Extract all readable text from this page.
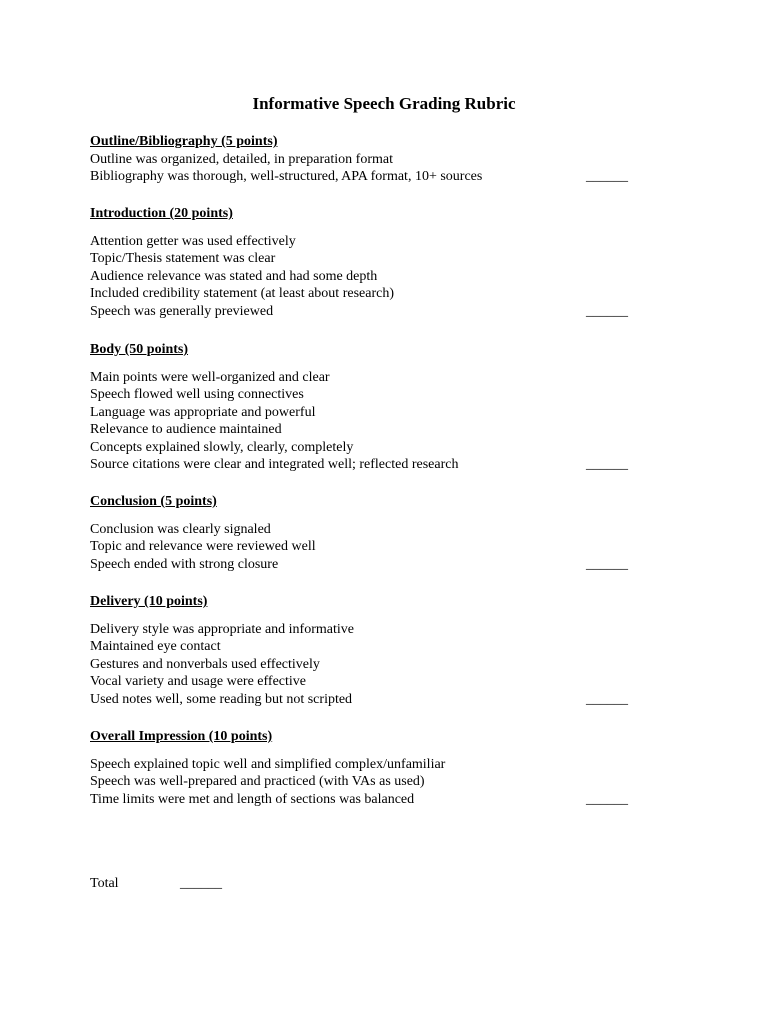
Informative Speech Grading Rubric
Outline/Bibliography (5 points)
Outline was organized, detailed, in preparation format
Bibliography was thorough, well-structured, APA format, 10+ sources	______
Introduction (20 points)
Attention getter was used effectively
Topic/Thesis statement was clear
Audience relevance was stated and had some depth
Included credibility statement (at least about research)
Speech was generally previewed	______
Body (50 points)
Main points were well-organized and clear
Speech flowed well using connectives
Language was appropriate and powerful
Relevance to audience maintained
Concepts explained slowly, clearly, completely
Source citations were clear and integrated well; reflected research	______
Conclusion (5 points)
Conclusion was clearly signaled
Topic and relevance were reviewed well
Speech ended with strong closure	______
Delivery (10 points)
Delivery style was appropriate and informative
Maintained eye contact
Gestures and nonverbals used effectively
Vocal variety and usage were effective
Used notes well, some reading but not scripted	______
Overall Impression (10 points)
Speech explained topic well and simplified complex/unfamiliar
Speech was well-prepared and practiced (with VAs as used)
Time limits were met and length of sections was balanced	______
Total	______
